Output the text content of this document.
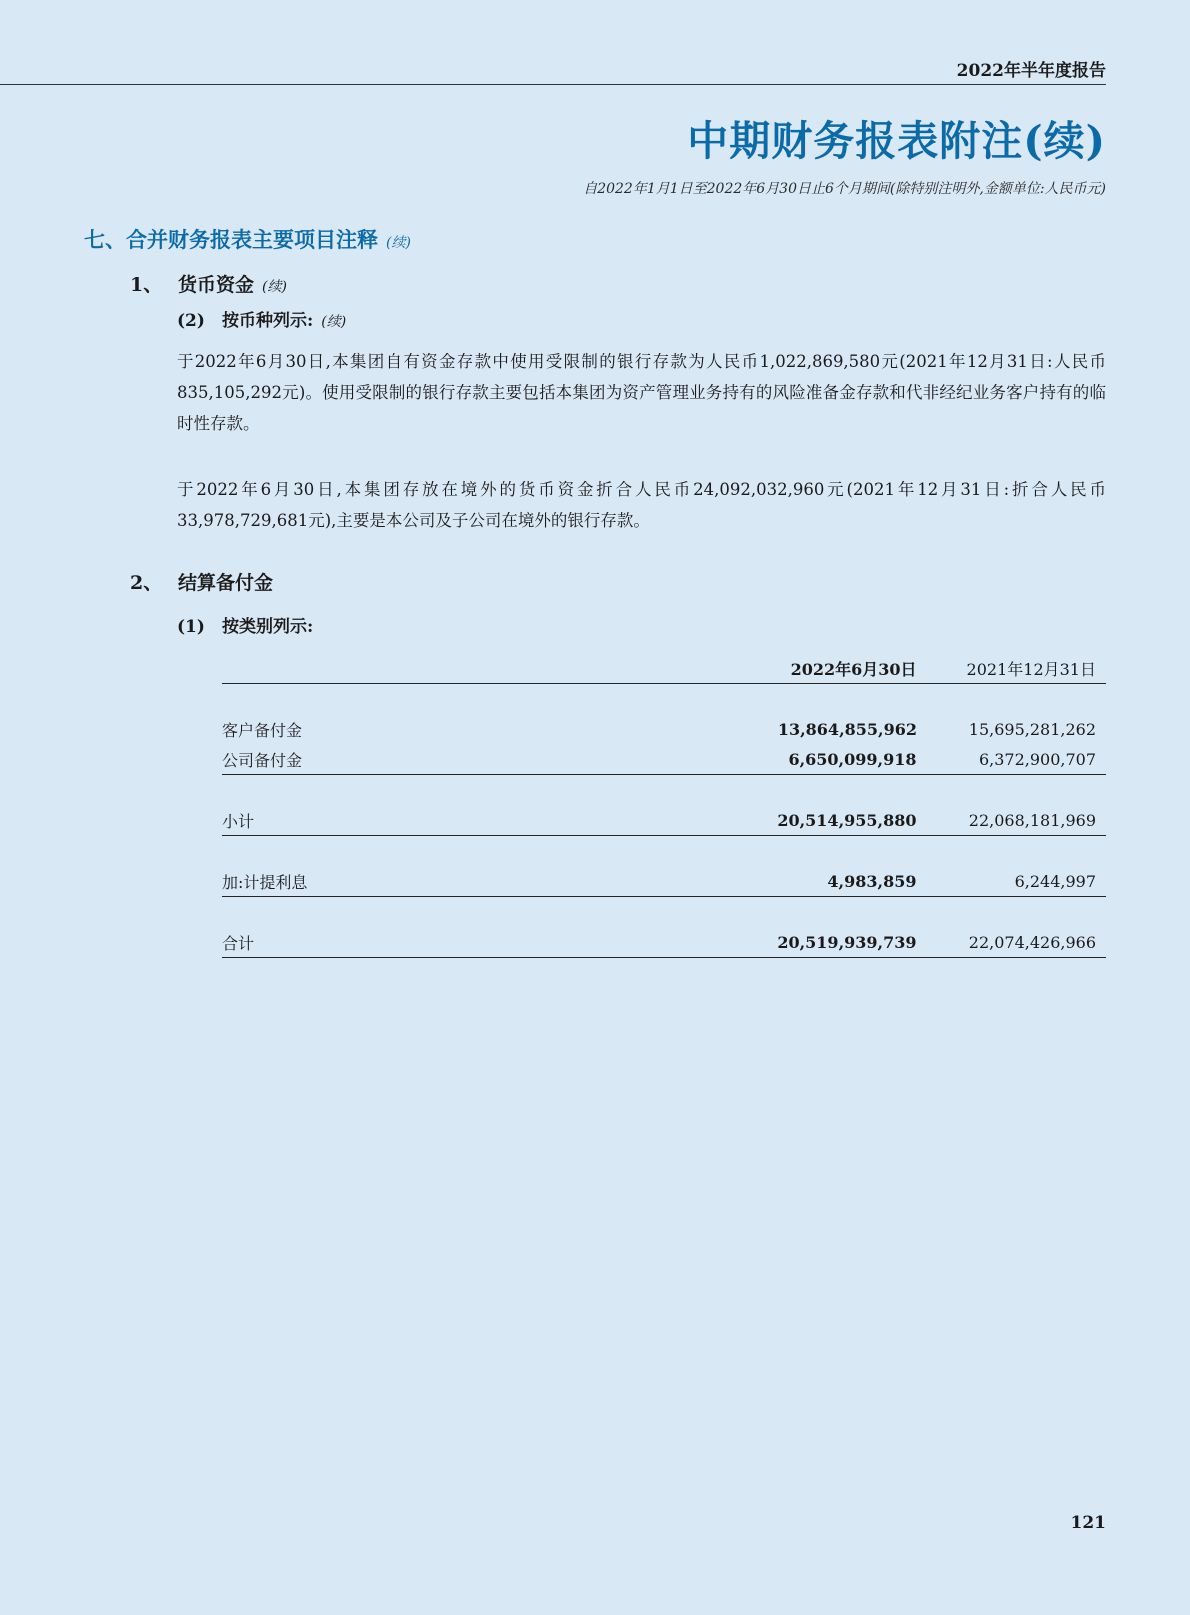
2022年半年度报告
中期财务报表附注(续)
自2022年1月1日至2022年6月30日止6个月期间(除特别注明外,金额单位:人民币元)
七、合并财务报表主要项目注释 (续)
1、 货币资金 (续)
(2) 按币种列示: (续)
于2022年6月30日,本集团自有资金存款中使用受限制的银行存款为人民币1,022,869,580元(2021年12月31日:人民币835,105,292元)。使用受限制的银行存款主要包括本集团为资产管理业务持有的风险准备金存款和代非经纪业务客户持有的临时性存款。
于2022年6月30日,本集团存放在境外的货币资金折合人民币24,092,032,960元(2021年12月31日:折合人民币33,978,729,681元),主要是本公司及子公司在境外的银行存款。
2、 结算备付金
(1) 按类别列示:
	2022年6月30日	2021年12月31日

客户备付金	13,864,855,962	15,695,281,262
公司备付金	6,650,099,918	6,372,900,707

小计	20,514,955,880	22,068,181,969

加:计提利息	4,983,859	6,244,997

合计	20,519,939,739	22,074,426,966
121
